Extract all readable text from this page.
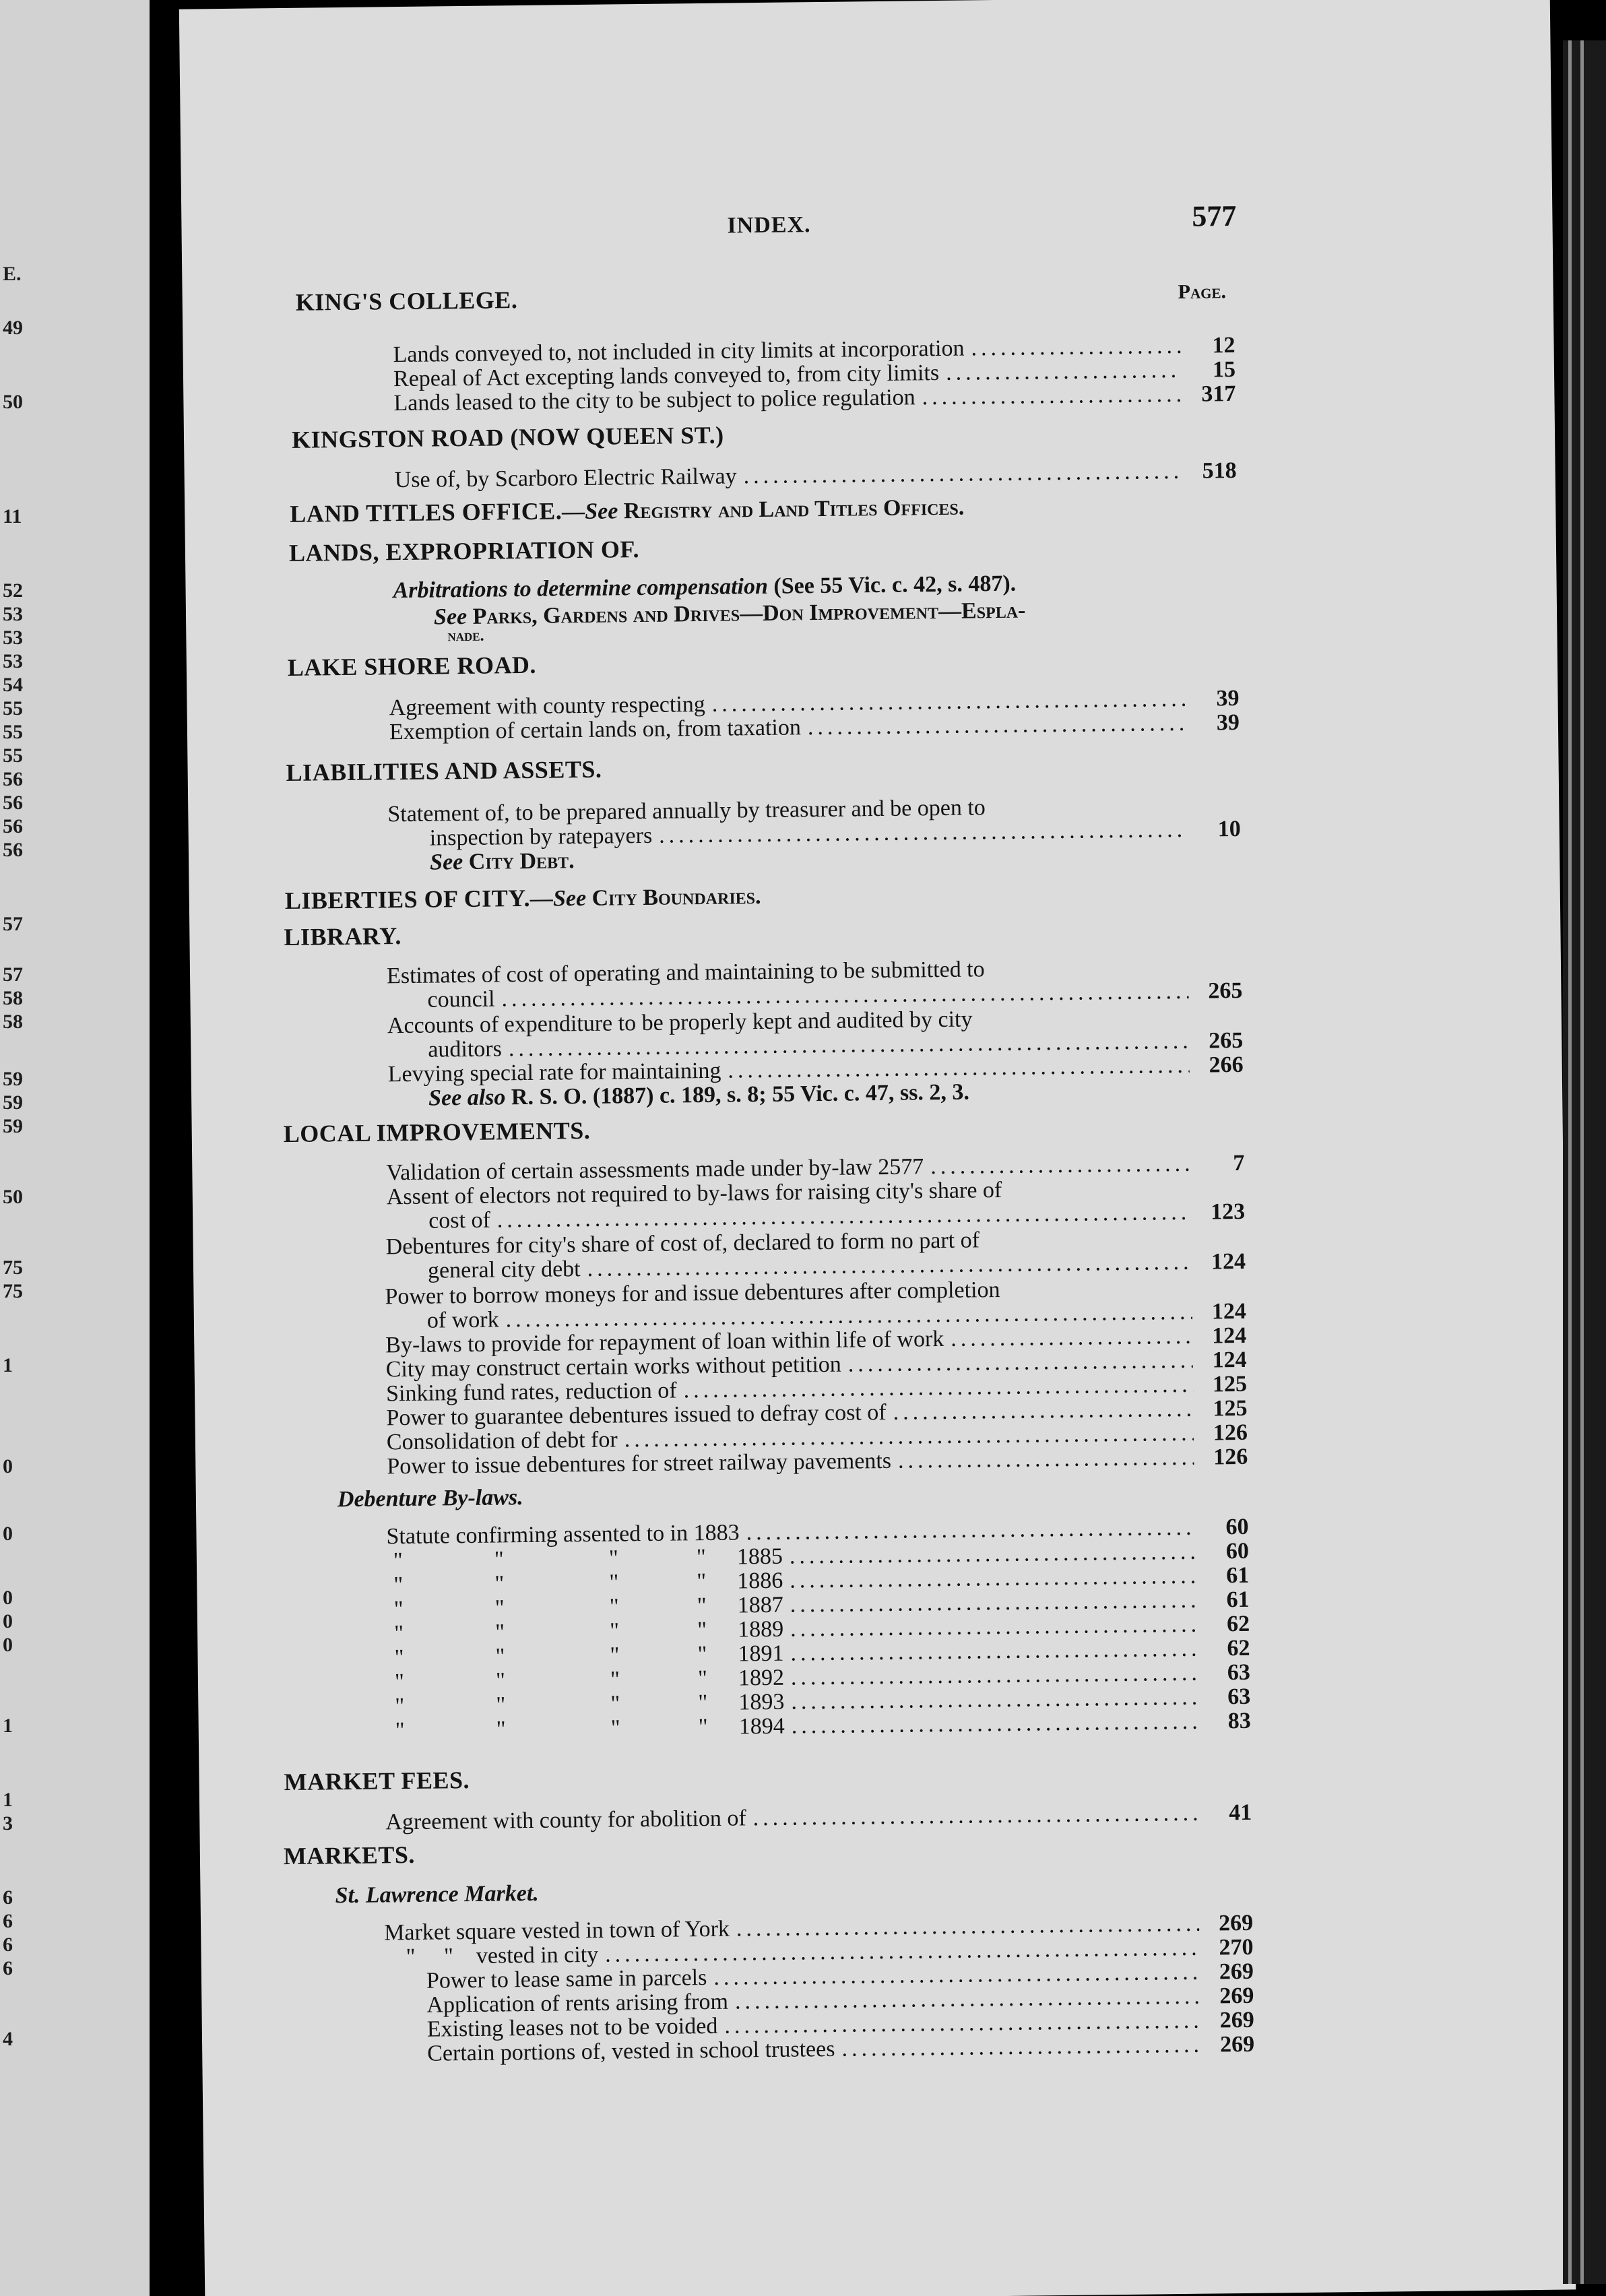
E.
49
50
11
52
53
53
53
54
55
55
55
56
56
56
56
57
57
58
58
59
59
59
50
75
75
1
0
0
0
0
0
1
1
3
6
6
6
6
4
INDEX.	577
Page.
KING'S COLLEGE.
Lands conveyed to, not included in city limits at incorporation .....	12
Repeal of Act excepting lands conveyed to, from city limits .....	15
Lands leased to the city to be subject to police regulation .....	317
KINGSTON ROAD (NOW QUEEN ST.)
Use of, by Scarboro Electric Railway .....	518
LAND TITLES OFFICE.—See Registry and Land Titles Offices.
LANDS, EXPROPRIATION OF.
Arbitrations to determine compensation (See 55 Vic. c. 42, s. 487).
See Parks, Gardens and Drives—Don Improvement—Espla-
nade.
LAKE SHORE ROAD.
Agreement with county respecting .....	39
Exemption of certain lands on, from taxation .....	39
LIABILITIES AND ASSETS.
Statement of, to be prepared annually by treasurer and be open to
inspection by ratepayers .....	10
See City Debt.
LIBERTIES OF CITY.—See City Boundaries.
LIBRARY.
Estimates of cost of operating and maintaining to be submitted to
council .....	265
Accounts of expenditure to be properly kept and audited by city
auditors .....	265
Levying special rate for maintaining .....	266
See also R. S. O. (1887) c. 189, s. 8; 55 Vic. c. 47, ss. 2, 3.
LOCAL IMPROVEMENTS.
Validation of certain assessments made under by-law 2577 .....	7
Assent of electors not required to by-laws for raising city's share of
cost of .....	123
Debentures for city's share of cost of, declared to form no part of
general city debt .....	124
Power to borrow moneys for and issue debentures after completion
of work .....	124
By-laws to provide for repayment of loan within life of work .....	124
City may construct certain works without petition .....	124
Sinking fund rates, reduction of .....	125
Power to guarantee debentures issued to defray cost of .....	125
Consolidation of debt for .....	126
Power to issue debentures for street railway pavements .....	126
Debenture By-laws.
Statute confirming assented to in 1883 .....	60
"	"	"	" 1885 .....	60
"	"	"	" 1886 .....	61
"	"	"	" 1887 .....	61
"	"	"	" 1889 .....	62
"	"	"	" 1891 .....	62
"	"	"	" 1892 .....	63
"	"	"	" 1893 .....	63
"	"	"	" 1894 .....	83
MARKET FEES.
Agreement with county for abolition of .....	41
MARKETS.
St. Lawrence Market.
Market square vested in town of York .....	269
" " vested in city .....	270
Power to lease same in parcels .....	269
Application of rents arising from .....	269
Existing leases not to be voided .....	269
Certain portions of, vested in school trustees .....	269
